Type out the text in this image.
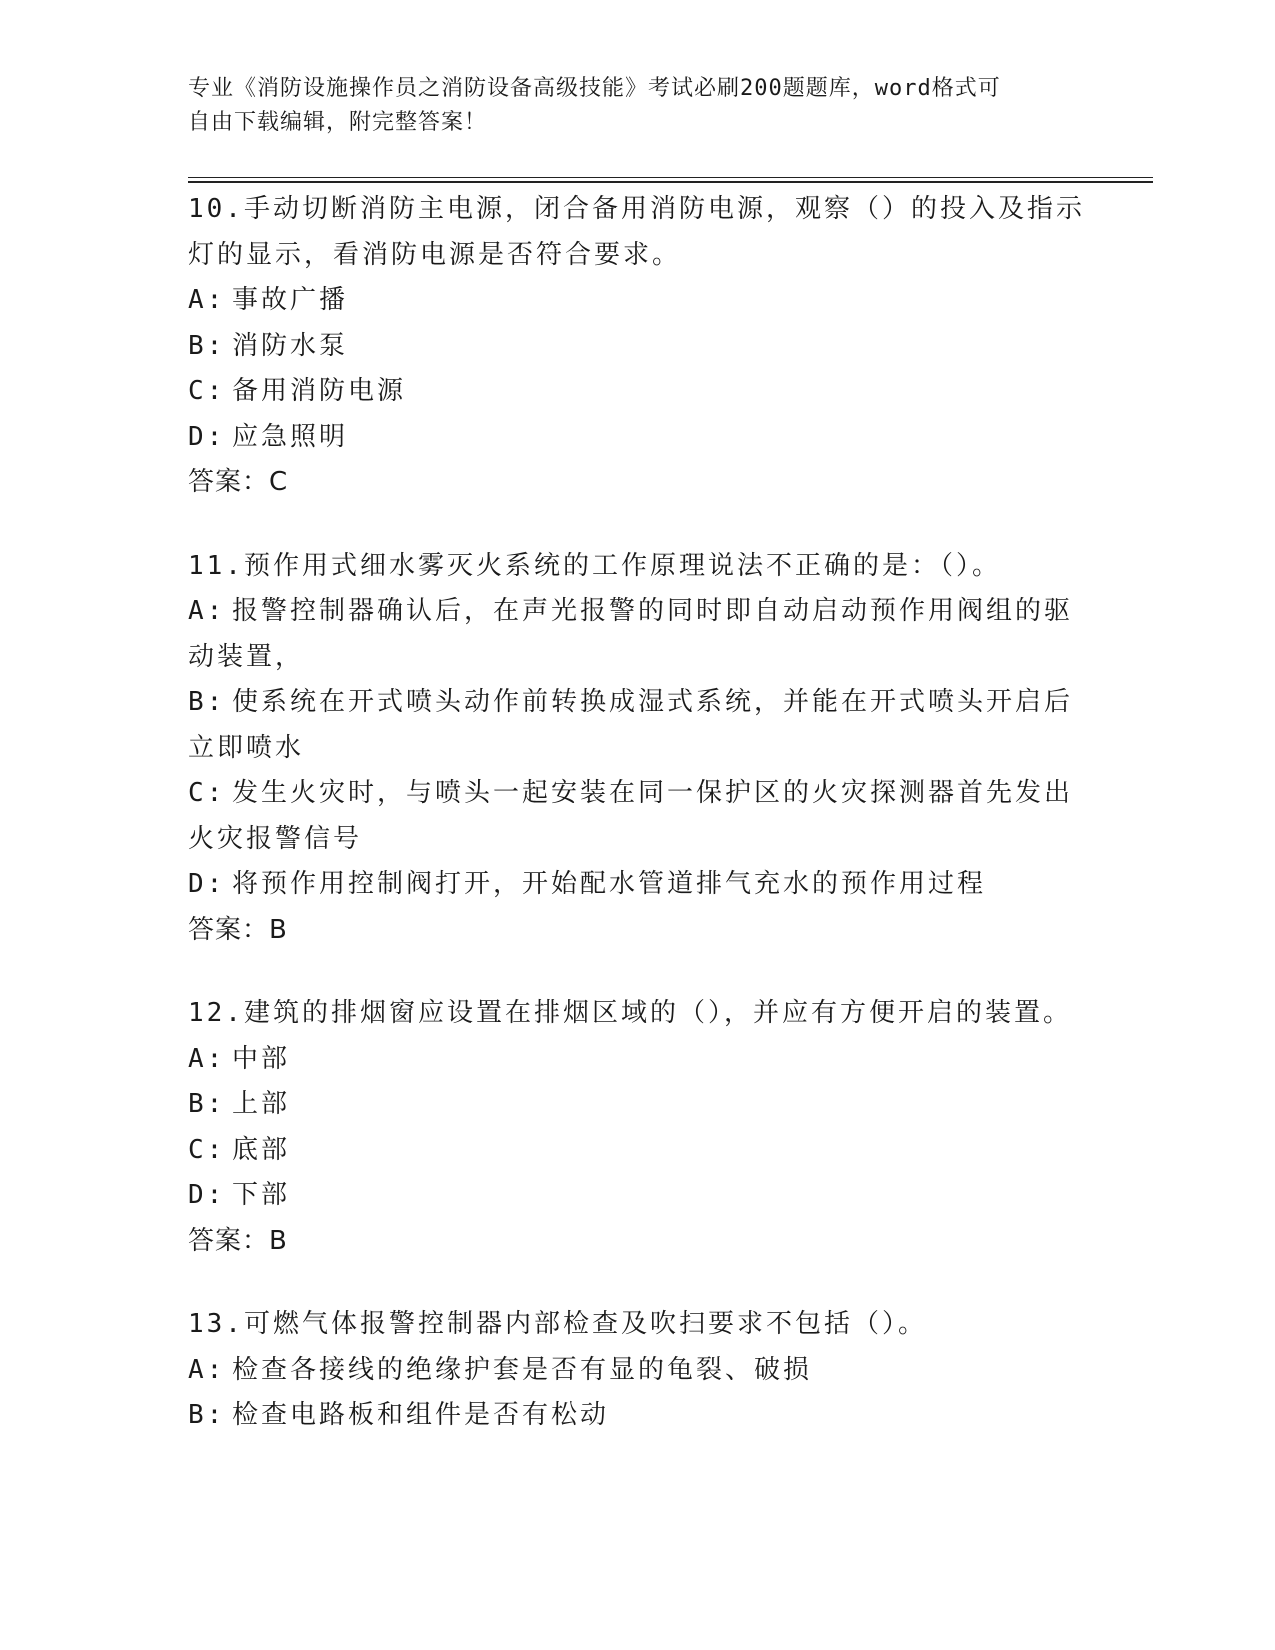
专业《消防设施操作员之消防设备高级技能》考试必刷200题题库，word格式可
自由下载编辑，附完整答案！
10.手动切断消防主电源，闭合备用消防电源，观察（）的投入及指示
灯的显示，看消防电源是否符合要求。
A: 事故广播
B: 消防水泵
C: 备用消防电源
D: 应急照明
答案：C
11.预作用式细水雾灭火系统的工作原理说法不正确的是：（）。
A: 报警控制器确认后，在声光报警的同时即自动启动预作用阀组的驱
动装置，
B: 使系统在开式喷头动作前转换成湿式系统，并能在开式喷头开启后
立即喷水
C: 发生火灾时，与喷头一起安装在同一保护区的火灾探测器首先发出
火灾报警信号
D: 将预作用控制阀打开，开始配水管道排气充水的预作用过程
答案：B
12.建筑的排烟窗应设置在排烟区域的（），并应有方便开启的装置。
A: 中部
B: 上部
C: 底部
D: 下部
答案：B
13.可燃气体报警控制器内部检查及吹扫要求不包括（）。
A: 检查各接线的绝缘护套是否有显的龟裂、破损
B: 检查电路板和组件是否有松动
